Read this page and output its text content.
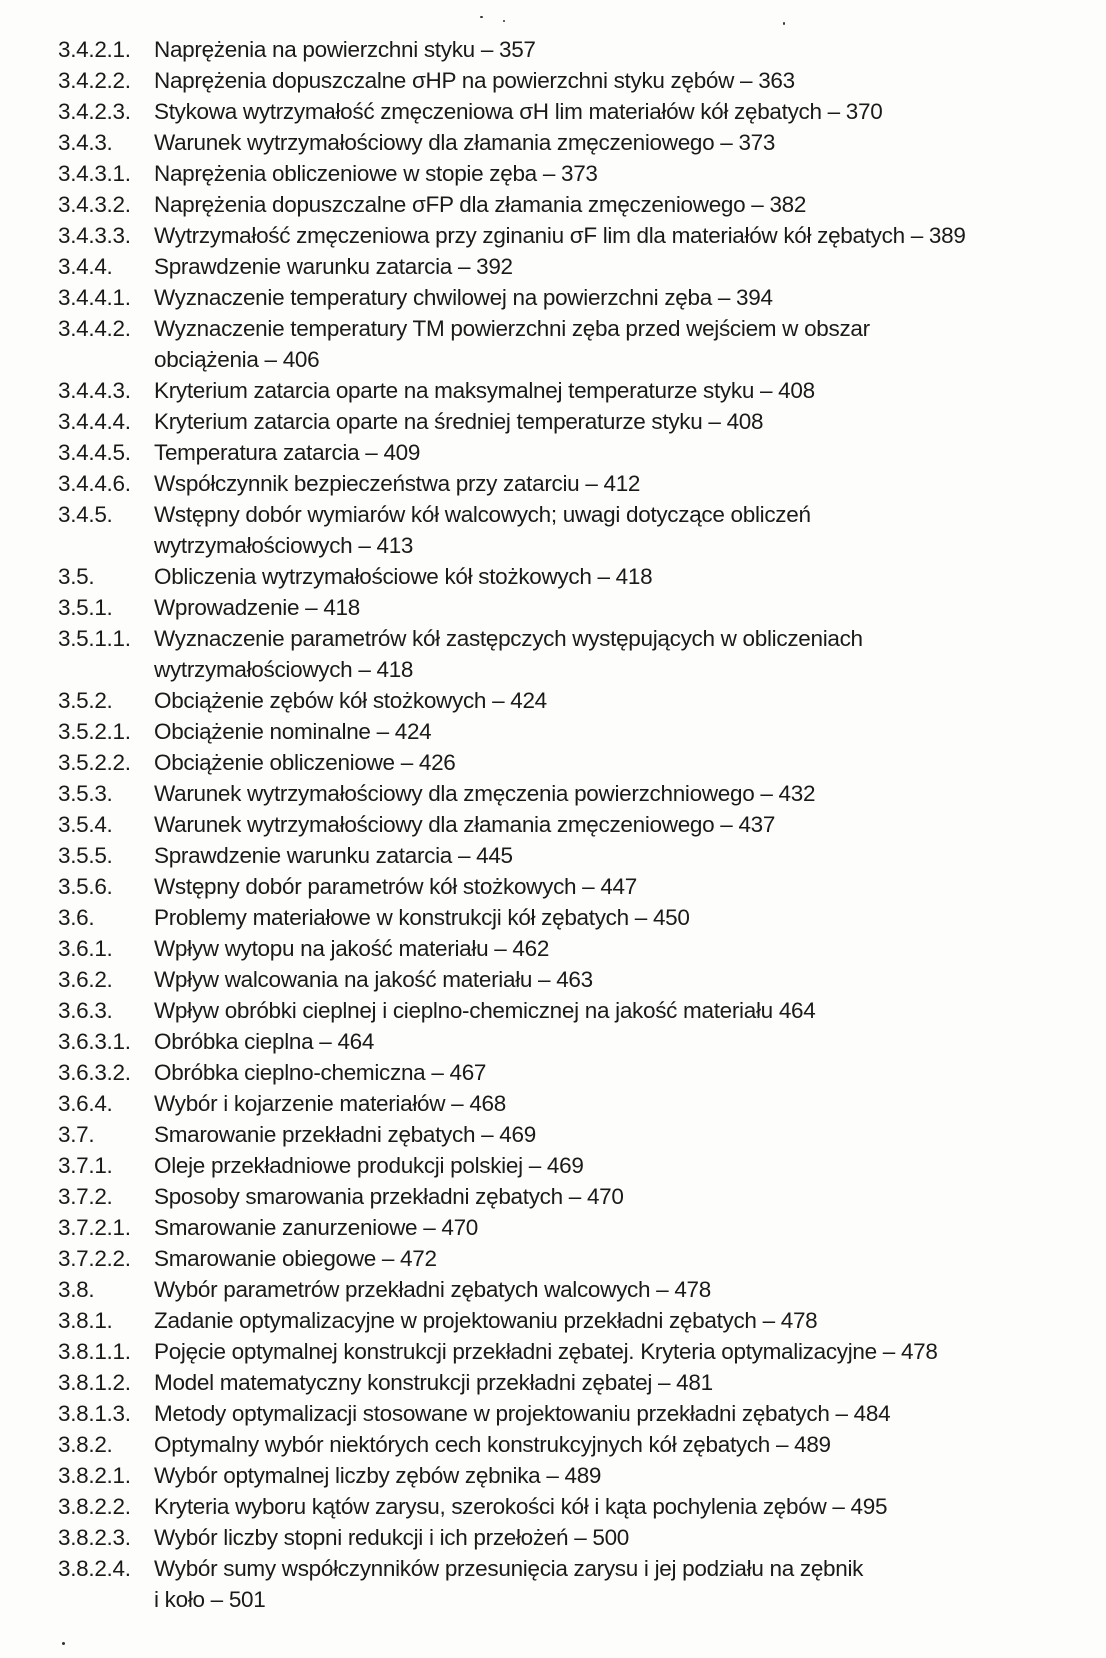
3.4.2.1.	Naprężenia na powierzchni styku – 357
3.4.2.2.	Naprężenia dopuszczalne σHP na powierzchni styku zębów – 363
3.4.2.3.	Stykowa wytrzymałość zmęczeniowa σH lim materiałów kół zębatych – 370
3.4.3.	Warunek wytrzymałościowy dla złamania zmęczeniowego – 373
3.4.3.1.	Naprężenia obliczeniowe w stopie zęba – 373
3.4.3.2.	Naprężenia dopuszczalne σFP dla złamania zmęczeniowego – 382
3.4.3.3.	Wytrzymałość zmęczeniowa przy zginaniu σF lim dla materiałów kół zębatych – 389
3.4.4.	Sprawdzenie warunku zatarcia – 392
3.4.4.1.	Wyznaczenie temperatury chwilowej na powierzchni zęba – 394
3.4.4.2.	Wyznaczenie temperatury TM powierzchni zęba przed wejściem w obszar
obciążenia – 406
3.4.4.3.	Kryterium zatarcia oparte na maksymalnej temperaturze styku – 408
3.4.4.4.	Kryterium zatarcia oparte na średniej temperaturze styku – 408
3.4.4.5.	Temperatura zatarcia – 409
3.4.4.6.	Współczynnik bezpieczeństwa przy zatarciu – 412
3.4.5.	Wstępny dobór wymiarów kół walcowych; uwagi dotyczące obliczeń
wytrzymałościowych – 413
3.5.	Obliczenia wytrzymałościowe kół stożkowych – 418
3.5.1.	Wprowadzenie – 418
3.5.1.1.	Wyznaczenie parametrów kół zastępczych występujących w obliczeniach
wytrzymałościowych – 418
3.5.2.	Obciążenie zębów kół stożkowych – 424
3.5.2.1.	Obciążenie nominalne – 424
3.5.2.2.	Obciążenie obliczeniowe – 426
3.5.3.	Warunek wytrzymałościowy dla zmęczenia powierzchniowego – 432
3.5.4.	Warunek wytrzymałościowy dla złamania zmęczeniowego – 437
3.5.5.	Sprawdzenie warunku zatarcia – 445
3.5.6.	Wstępny dobór parametrów kół stożkowych – 447
3.6.	Problemy materiałowe w konstrukcji kół zębatych – 450
3.6.1.	Wpływ wytopu na jakość materiału – 462
3.6.2.	Wpływ walcowania na jakość materiału – 463
3.6.3.	Wpływ obróbki cieplnej i cieplno-chemicznej na jakość materiału 464
3.6.3.1.	Obróbka cieplna – 464
3.6.3.2.	Obróbka cieplno-chemiczna – 467
3.6.4.	Wybór i kojarzenie materiałów – 468
3.7.	Smarowanie przekładni zębatych – 469
3.7.1.	Oleje przekładniowe produkcji polskiej – 469
3.7.2.	Sposoby smarowania przekładni zębatych – 470
3.7.2.1.	Smarowanie zanurzeniowe – 470
3.7.2.2.	Smarowanie obiegowe – 472
3.8.	Wybór parametrów przekładni zębatych walcowych – 478
3.8.1.	Zadanie optymalizacyjne w projektowaniu przekładni zębatych – 478
3.8.1.1.	Pojęcie optymalnej konstrukcji przekładni zębatej. Kryteria optymalizacyjne – 478
3.8.1.2.	Model matematyczny konstrukcji przekładni zębatej – 481
3.8.1.3.	Metody optymalizacji stosowane w projektowaniu przekładni zębatych – 484
3.8.2.	Optymalny wybór niektórych cech konstrukcyjnych kół zębatych – 489
3.8.2.1.	Wybór optymalnej liczby zębów zębnika – 489
3.8.2.2.	Kryteria wyboru kątów zarysu, szerokości kół i kąta pochylenia zębów – 495
3.8.2.3.	Wybór liczby stopni redukcji i ich przełożeń – 500
3.8.2.4.	Wybór sumy współczynników przesunięcia zarysu i jej podziału na zębnik
i koło – 501
